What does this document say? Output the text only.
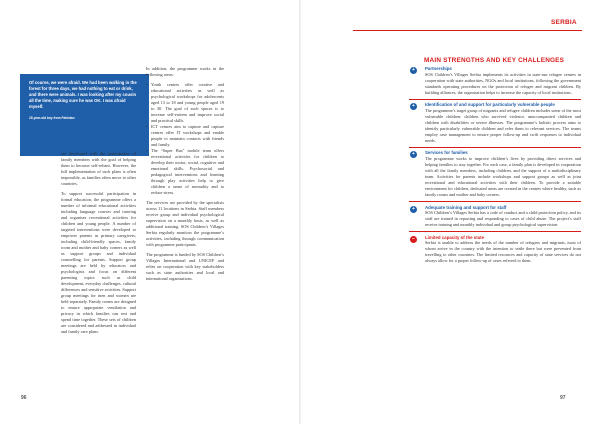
Of course, we were afraid. We had been walking in the forest for three days, we had nothing to eat or drink, and there were animals. I was looking after my cousin all the time, making sure he was OK. I was afraid myself.
15-year-old boy from Pakistan

are developed with the participation of family members with the goal of helping them to become self-reliant. However, the full implementation of such plans is often impossible, as families often move to other countries.

To support successful participation in formal education, the programme offers a number of informal educational activities including language courses and tutoring and organises recreational activities for children and young people. A number of targeted interventions were developed to empower parents as primary caregivers, including child-friendly spaces, family room and mother and baby corners as well as support groups and individual counselling for parents. Support group meetings are held by educators and psychologists and focus on different parenting topics such as child development, everyday challenges, cultural differences and sensitive activities. Support group meetings for men and women are held separately. Family rooms are designed to ensure appropriate ventilation and privacy in which families can rest and spend time together. These sets of children are considered and addressed in individual and family care plans.

In addition, the programme works in the following areas:

• Youth centres offer creative and educational activities as well as psychological workshops for adolescents aged 13 to 18 and young people aged 19 to 30. The goal of such spaces is to increase self-esteem and improve social and practical skills.
• ICT centres aim to capture and capture centres offer IT workshops and enable people to maintain contacts with friends and family.
• The “Super Bus” mobile team offers recreational activities for children to develop their motor, social, cognitive and emotional skills. Psychosocial and pedagogical interventions and learning through play activities help to give children a sense of normality and to reduce stress.

The services are provided by the specialists across 11 locations in Serbia. Staff members receive group and individual psychological supervision on a monthly basis, as well as additional training. SOS Children’s Villages Serbia regularly monitors the programme’s activities, including through communication with programme participants.

The programme is funded by SOS Children’s Villages International and UNICEF and relies on cooperation with key stakeholders such as state authorities and local and international organisations.

96
SERBIA
MAIN STRENGTHS AND KEY CHALLENGES
+	Partnerships
SOS Children’s Villages Serbia implements its activities in state-run refugee centres in cooperation with state authorities, NGOs and local institutions, following the government standards operating procedures on the protection of refugee and migrant children. By building alliances, the organisation helps to increase the capacity of local institutions.
+	Identification of and support for particularly vulnerable people
The programme’s target group of migrants and refugee children includes some of the most vulnerable children: children who survived violence, unaccompanied children and children with disabilities or severe illnesses. The programme’s holistic process aims to identify particularly vulnerable children and refer them to relevant services. The teams employ case management to ensure proper follow-up and swift responses to individual needs.
+	Services for families
The programme works to improve children’s lives by providing direct services and helping families to stay together. For each case, a family plan is developed in cooperation with all the family members, including children, and the support of a multidisciplinary team. Activities for parents include workshops and support groups as well as joint recreational and educational activities with their children. To provide a suitable environment for children, dedicated areas are created in the centres where healthy, such as family rooms and mother and baby corners.
+	Adequate training and support for staff
SOS Children’s Villages Serbia has a code of conduct and a child protection policy, and its staff are trained in reporting and responding to cases of child abuse. The project’s staff receive training and monthly individual and group psychological supervision.
−	Limited capacity of the state
Serbia is unable to address the needs of the number of refugees and migrants, most of whom arrive in the country with the intention to settle there but were prevented from travelling to other countries. The limited resources and capacity of state services do not always allow for a proper follow-up of cases referred to them.
97
